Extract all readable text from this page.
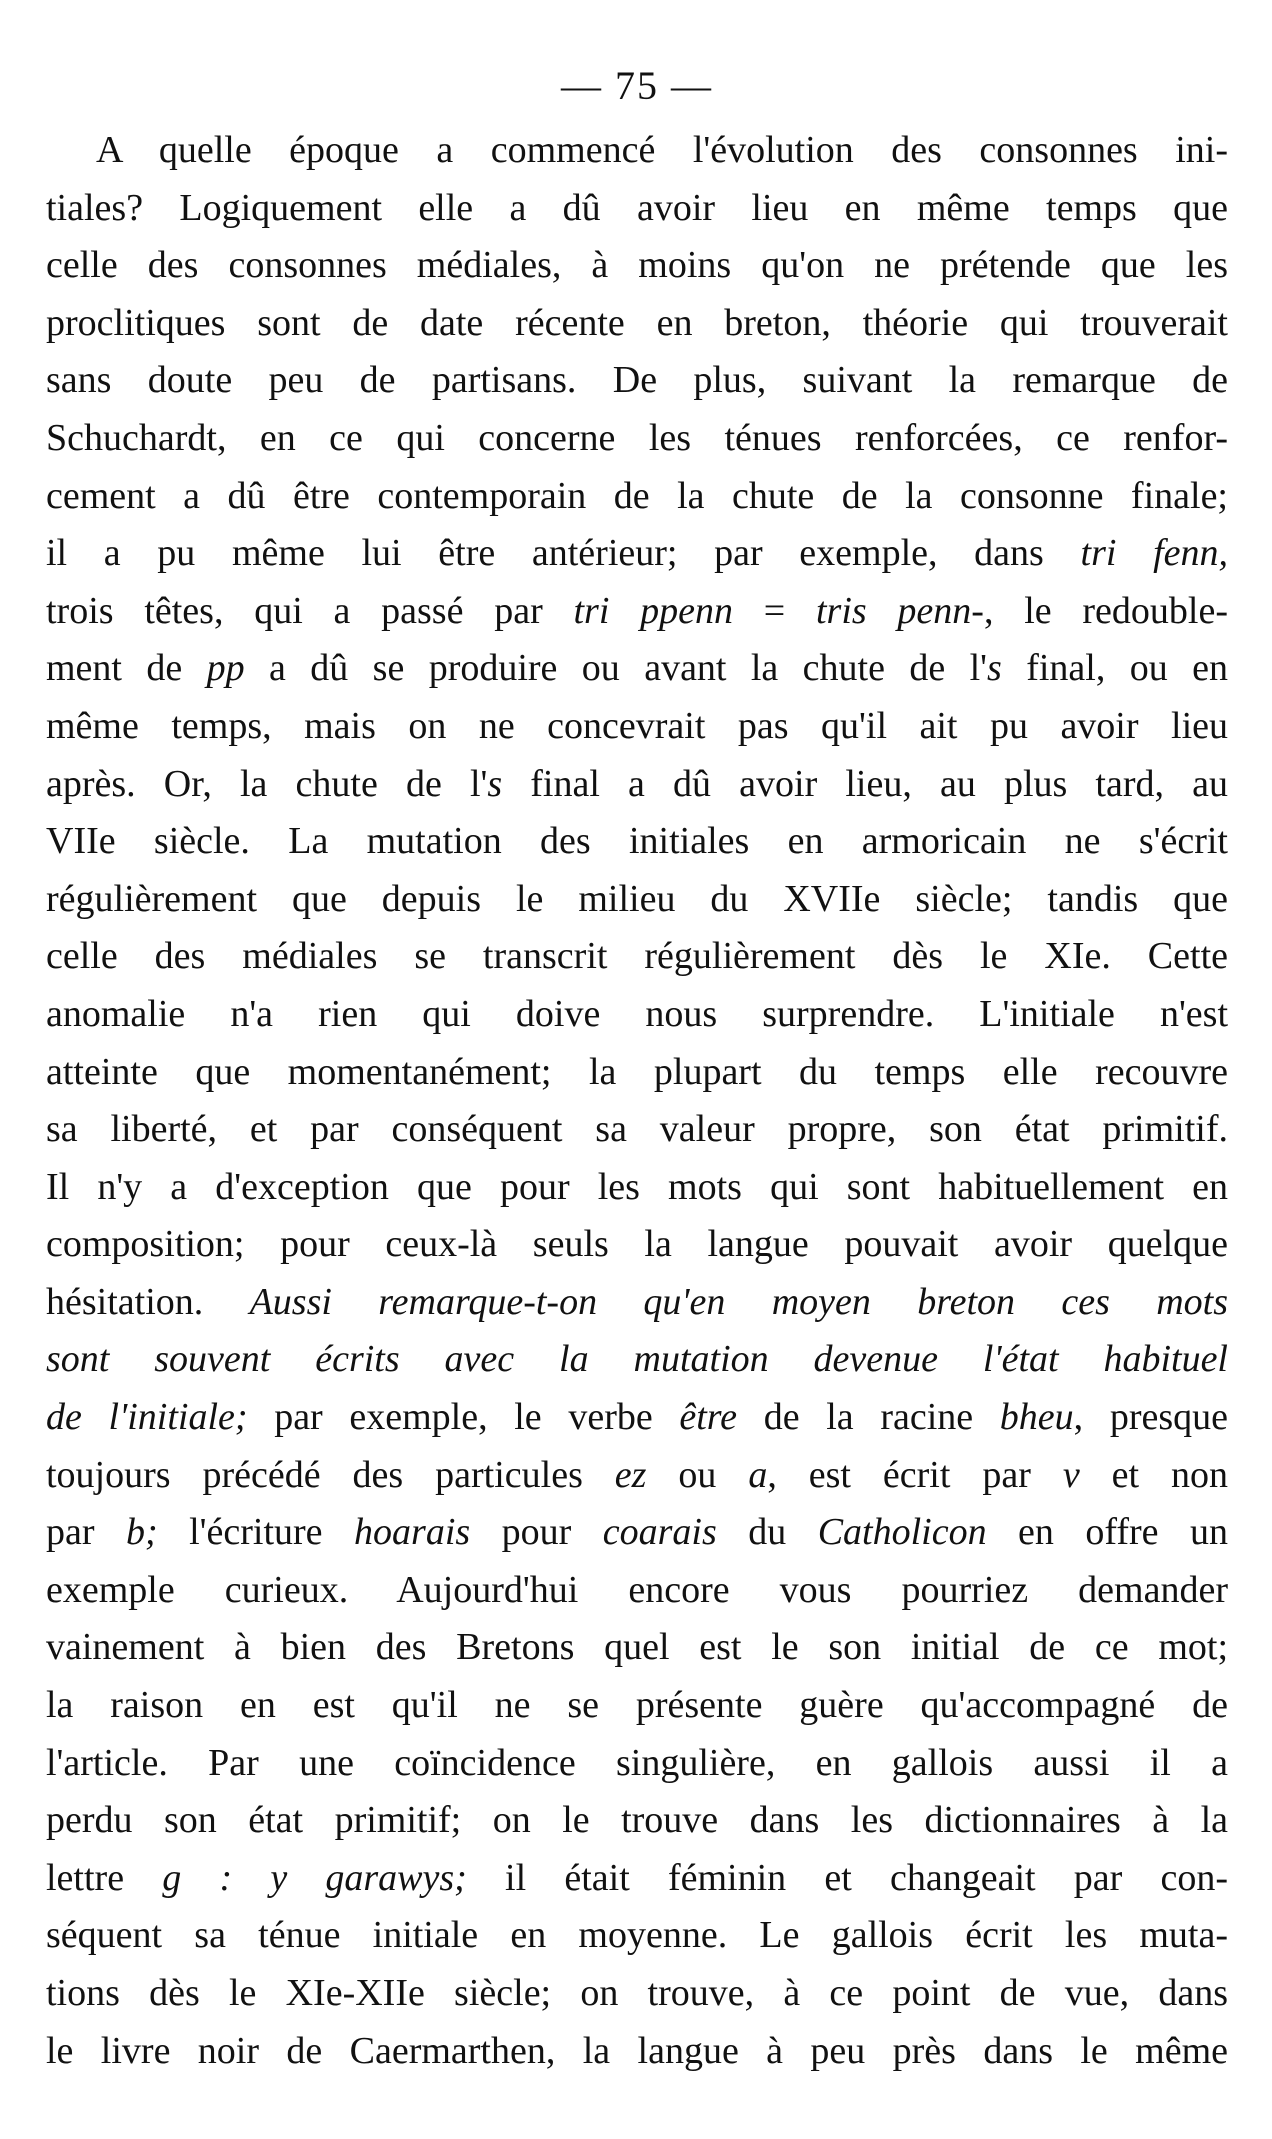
— 75 —
A quelle époque a commencé l'évolution des consonnes ini-
tiales? Logiquement elle a dû avoir lieu en même temps que
celle des consonnes médiales, à moins qu'on ne prétende que les
proclitiques sont de date récente en breton, théorie qui trouverait
sans doute peu de partisans. De plus, suivant la remarque de
Schuchardt, en ce qui concerne les ténues renforcées, ce renfor-
cement a dû être contemporain de la chute de la consonne finale;
il a pu même lui être antérieur; par exemple, dans tri fenn,
trois têtes, qui a passé par tri ppenn = tris penn-, le redouble-
ment de pp a dû se produire ou avant la chute de l's final, ou en
même temps, mais on ne concevrait pas qu'il ait pu avoir lieu
après. Or, la chute de l's final a dû avoir lieu, au plus tard, au
VIIe siècle. La mutation des initiales en armoricain ne s'écrit
régulièrement que depuis le milieu du XVIIe siècle; tandis que
celle des médiales se transcrit régulièrement dès le XIe. Cette
anomalie n'a rien qui doive nous surprendre. L'initiale n'est
atteinte que momentanément; la plupart du temps elle recouvre
sa liberté, et par conséquent sa valeur propre, son état primitif.
Il n'y a d'exception que pour les mots qui sont habituellement en
composition; pour ceux-là seuls la langue pouvait avoir quelque
hésitation. Aussi remarque-t-on qu'en moyen breton ces mots
sont souvent écrits avec la mutation devenue l'état habituel
de l'initiale; par exemple, le verbe être de la racine bheu, presque
toujours précédé des particules ez ou a, est écrit par v et non
par b; l'écriture hoarais pour coarais du Catholicon en offre un
exemple curieux. Aujourd'hui encore vous pourriez demander
vainement à bien des Bretons quel est le son initial de ce mot;
la raison en est qu'il ne se présente guère qu'accompagné de
l'article. Par une coïncidence singulière, en gallois aussi il a
perdu son état primitif; on le trouve dans les dictionnaires à la
lettre g : y garawys; il était féminin et changeait par con-
séquent sa ténue initiale en moyenne. Le gallois écrit les muta-
tions dès le XIe-XIIe siècle; on trouve, à ce point de vue, dans
le livre noir de Caermarthen, la langue à peu près dans le même
